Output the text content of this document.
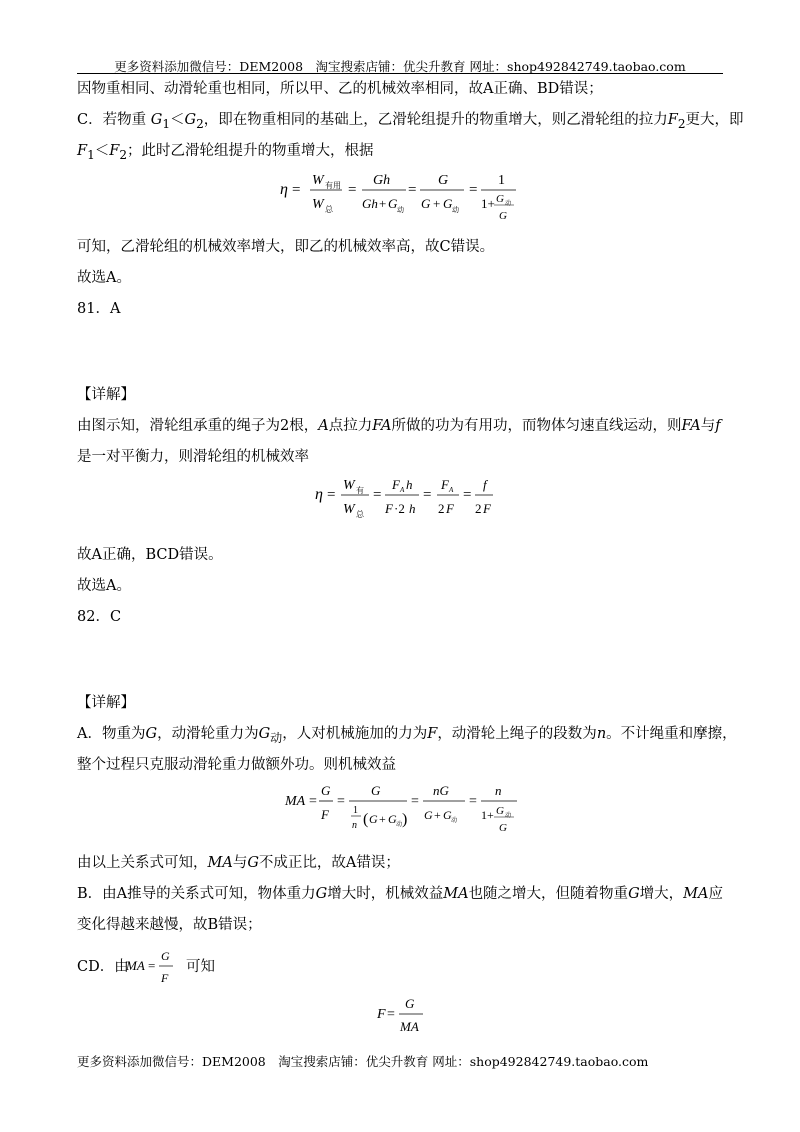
更多资料添加微信号：DEM2008　淘宝搜索店铺：优尖升教育 网址：shop492842749.taobao.com
因物重相同、动滑轮重也相同，所以甲、乙的机械效率相同，故A正确、BD错误；
C．若物重 $G_1<G_2$，即在物重相同的基础上，乙滑轮组提升的物重增大，则乙滑轮组的拉力$F_2$更大，即
$F_1<F_2$；此时乙滑轮组提升的物重增大，根据
η =
W 有用
W 总
=
Gh
Gh + G 动
=
G
G + G 动
=
1
1+ G 动
G
可知，乙滑轮组的机械效率增大，即乙的机械效率高，故C错误。
故选A。
81．A
【详解】
由图示知，滑轮组承重的绳子为2根，A点拉力FA所做的功为有用功，而物体匀速直线运动，则FA与f
是一对平衡力，则滑轮组的机械效率
η =
W 有
W 总
=
F A h
F ·2 h
=
F A
2 F
=
f
2 F
故A正确，BCD错误。
故选A。
82．C
【详解】
A．物重为G，动滑轮重力为$G_动$，人对机械施加的力为F，动滑轮上绳子的段数为n。不计绳重和摩擦，
整个过程只克服动滑轮重力做额外功。则机械效益
MA =
G
F
=
G
1
n ( G + G 动 )
=
nG
G + G 动
=
n
1+ G 动
G
由以上关系式可知，MA与G不成正比，故A错误；
B．由A推导的关系式可知，物体重力G增大时，机械效益MA也随之增大，但随着物重G增大，MA应
变化得越来越慢，故B错误；
CD．由
MA =
G
F
可知
F =
G
MA
更多资料添加微信号：DEM2008　淘宝搜索店铺：优尖升教育 网址：shop492842749.taobao.com
